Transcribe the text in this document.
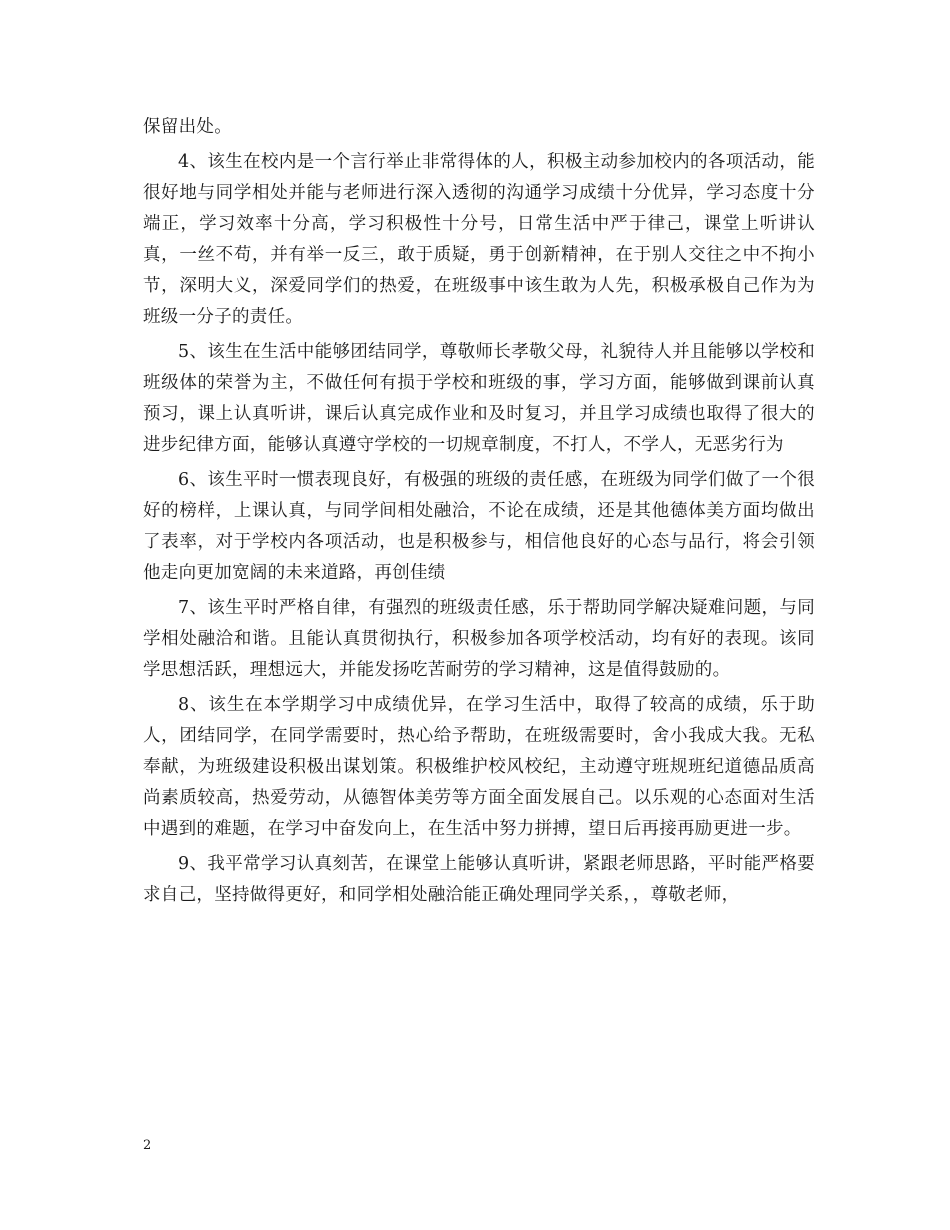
保留出处。

4、该生在校内是一个言行举止非常得体的人，积极主动参加校内的各项活动，能很好地与同学相处并能与老师进行深入透彻的沟通学习成绩十分优异，学习态度十分端正，学习效率十分高，学习积极性十分号，日常生活中严于律己，课堂上听讲认真，一丝不苟，并有举一反三，敢于质疑，勇于创新精神，在于别人交往之中不拘小节，深明大义，深爱同学们的热爱，在班级事中该生敢为人先，积极承极自己作为为班级一分子的责任。

5、该生在生活中能够团结同学，尊敬师长孝敬父母，礼貌待人并且能够以学校和班级体的荣誉为主，不做任何有损于学校和班级的事，学习方面，能够做到课前认真预习，课上认真听讲，课后认真完成作业和及时复习，并且学习成绩也取得了很大的进步纪律方面，能够认真遵守学校的一切规章制度，不打人，不学人，无恶劣行为

6、该生平时一惯表现良好，有极强的班级的责任感，在班级为同学们做了一个很好的榜样，上课认真，与同学间相处融洽，不论在成绩，还是其他德体美方面均做出了表率，对于学校内各项活动，也是积极参与，相信他良好的心态与品行，将会引领他走向更加宽阔的未来道路，再创佳绩

7、该生平时严格自律，有强烈的班级责任感，乐于帮助同学解决疑难问题，与同学相处融洽和谐。且能认真贯彻执行，积极参加各项学校活动，均有好的表现。该同学思想活跃，理想远大，并能发扬吃苦耐劳的学习精神，这是值得鼓励的。

8、该生在本学期学习中成绩优异，在学习生活中，取得了较高的成绩，乐于助人，团结同学，在同学需要时，热心给予帮助，在班级需要时，舍小我成大我。无私奉献，为班级建设积极出谋划策。积极维护校风校纪，主动遵守班规班纪道德品质高尚素质较高，热爱劳动，从德智体美劳等方面全面发展自己。以乐观的心态面对生活中遇到的难题，在学习中奋发向上，在生活中努力拼搏，望日后再接再励更进一步。

9、我平常学习认真刻苦，在课堂上能够认真听讲，紧跟老师思路，平时能严格要求自己，坚持做得更好，和同学相处融洽能正确处理同学关系，，尊敬老师，

2
